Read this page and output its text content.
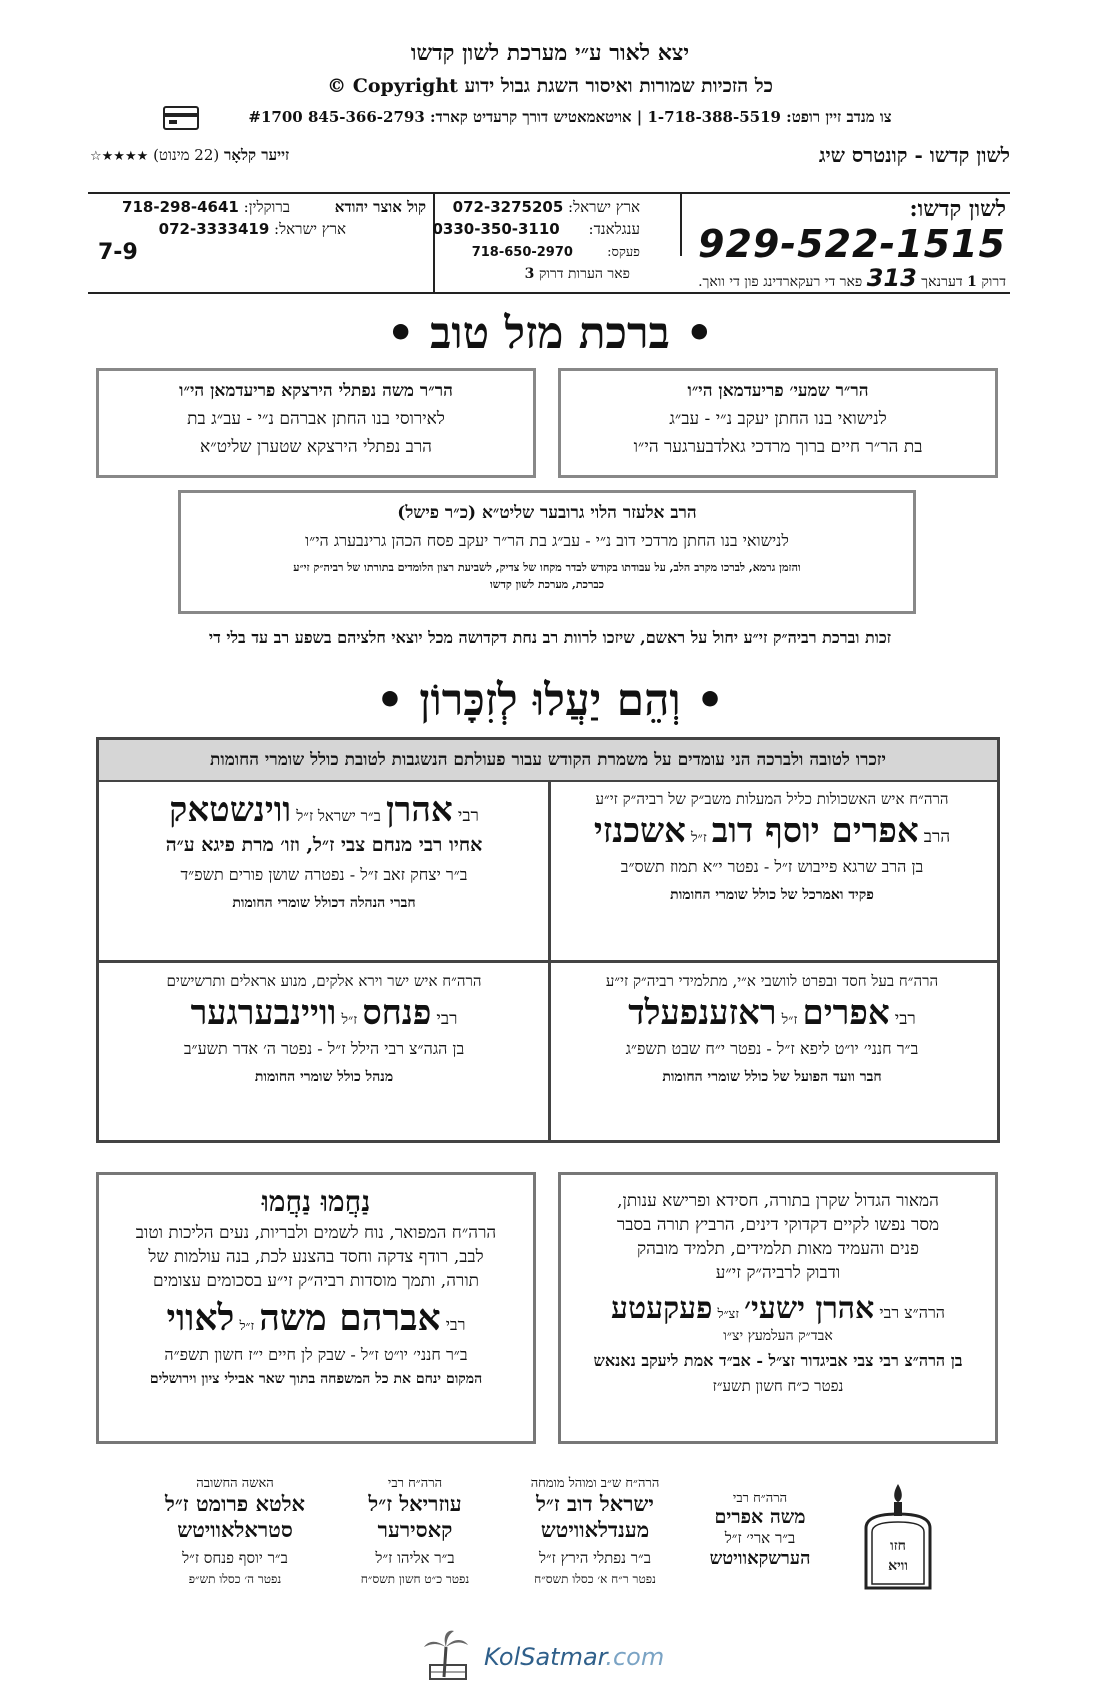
יצא לאור ע״י מערכת לשון קדשו
כל הזכיות שמורות ואיסור השגת גבול ידוע Copyright ©
צו מנדב זיין רופט: 1-718-388-5519 | אויטאמאטיש דורך קרעדיט קארד: 845-366-2793 #1700
לשון קדשו - קונטרס שיג
זייער קלאָר (22 מינוט) ★★★★☆
לשון קדשו:
929-522-1515
דרוק 1 דערנאך 313 פאר די רעקארדינג פון די וואך.
ארץ ישראל: 072-3275205
ענגלאנד: 0330-350-3110
פעקס: 718-650-2970
פאר הערות דרוק 3
קול אוצר יהודא ברוקלין: 718-298-4641
ארץ ישראל: 072-3333419
7-9
• ברכת מזל טוב •
הר״ר שמעי׳ פריעדמאן הי״ו
לנישואי בנו החתן יעקב נ״י - עב״ג
בת הר״ר חיים ברוך מרדכי גאלדבערגער הי״ו
הר״ר משה נפתלי הירצקא פריעדמאן הי״ו
לאירוסי בנו החתן אברהם נ״י - עב״ג בת
הרב נפתלי הירצקא שטערן שליט״א
הרב אלעזר הלוי גרובער שליט״א (כ״ר פישל)
לנישואי בנו החתן מרדכי דוב נ״י - עב״ג בת הר״ר יעקב פסח הכהן גרינבערג הי״ו
והזמן גרמא, לברכו מקרב הלב, על עבודתו בקודש לבדר מקחו של צדיק, לשביעת רצון הלומדים בתורתו של רביה״ק זי״ע
כברכת, מערכת לשון קדשו
זכות וברכת רביה״ק זי״ע יחול על ראשם, שיזכו לרוות רב נחת דקדושה מכל יוצאי חלציהם בשפע רב עד בלי די
• וְהֵם יַעֲלוּ לְזִכָּרוֹן •
יזכרו לטובה ולברכה הני עומדים על משמרת הקודש עבור פעולתם הנשגבות לטובת כולל שומרי החומות
הרה״ח איש האשכולות כליל המעלות משב״ק של רביה״ק זי״ע
הרב אפרים יוסף דוב ז״ל אשכנזי
בן הרב שרגא פייבוש ז״ל - נפטר י״א תמוז תשס״ב
פקיד ואמרכל של כולל שומרי החומות
רבי אהרן ב״ר ישראל ז״ל ווינשטאק
אחיו רבי מנחם צבי ז״ל, וזו׳ מרת פיגא ע״ה
ב״ר יצחק זאב ז״ל - נפטרה שושן פורים תשפ״ד
חברי הנהלה דכולל שומרי החומות
הרה״ח בעל חסד ובפרט לוושבי א״י, מתלמידי רביה״ק זי״ע
רבי אפרים ז״ל ראזענפעלד
ב״ר חנני׳ יו״ט ליפא ז״ל - נפטר י״ח שבט תשפ״ג
חבר וועד הפועל של כולל שומרי החומות
הרה״ח איש ישר וירא אלקים, מנוע אראלים ותרשישים
רבי פנחס ז״ל וויינבערגער
בן הגה״צ רבי הילל ז״ל - נפטר ה׳ אדר תשע״ב
מנהל כולל שומרי החומות
המאור הגדול שקרן בתורה, חסידא ופרישא ענותן,
מסר נפשו לקיים דקדוקי דינים, הרביץ תורה בסבר
פנים והעמיד מאות תלמידים, תלמיד מובהק
ודבוק לרביה״ק זי״ע
הרה״צ רבי אהרן ישעי׳ זצ״ל פעקעטע
אבד״ק העלמעץ יצ״ו
בן הרה״צ רבי צבי אביגדור זצ״ל - אב״ד אמת ליעקב נאנאש
נפטר כ״ח חשון תשע״ז
נַחֲמוּ נַחֲמוּ
הרה״ח המפואר, נוח לשמים ולבריות, נעים הליכות וטוב
לבב, רודף צדקה וחסד בהצנע לכת, בנה עולמות של
תורה, ותמך מוסדות רביה״ק זי״ע בסכומים עצומים
רבי אברהם משה ז״ל לאווי
ב״ר חנני׳ יו״ט ז״ל - שבק לן חיים י״ז חשון תשפ״ה
המקום ינחם את כל המשפחה בתוך שאר אבילי ציון וירושלים
הרה״ח רבי
משה אפרים
ב״ר ארי׳ ז״ל
הערשקאוויטש
הרה״ח ש״ב ומוהל מומחה
ישראל דוב ז״ל
מענדלאוויטש
ב״ר נפתלי הירץ ז״ל
נפטר ר״ח א׳ כסלו תשס״ח
הרה״ח רבי
עוזריאל ז״ל
קאסירער
ב״ר אליהו ז״ל
נפטר כ״ט חשון תשס״ח
האשה החשובה
אלטא פרומט ז״ל
סטראלאוויטש
ב״ר יוסף פנחס ז״ל
נפטר ה׳ כסלו תש״פ
חזו
וויא
KolSatmar.com
